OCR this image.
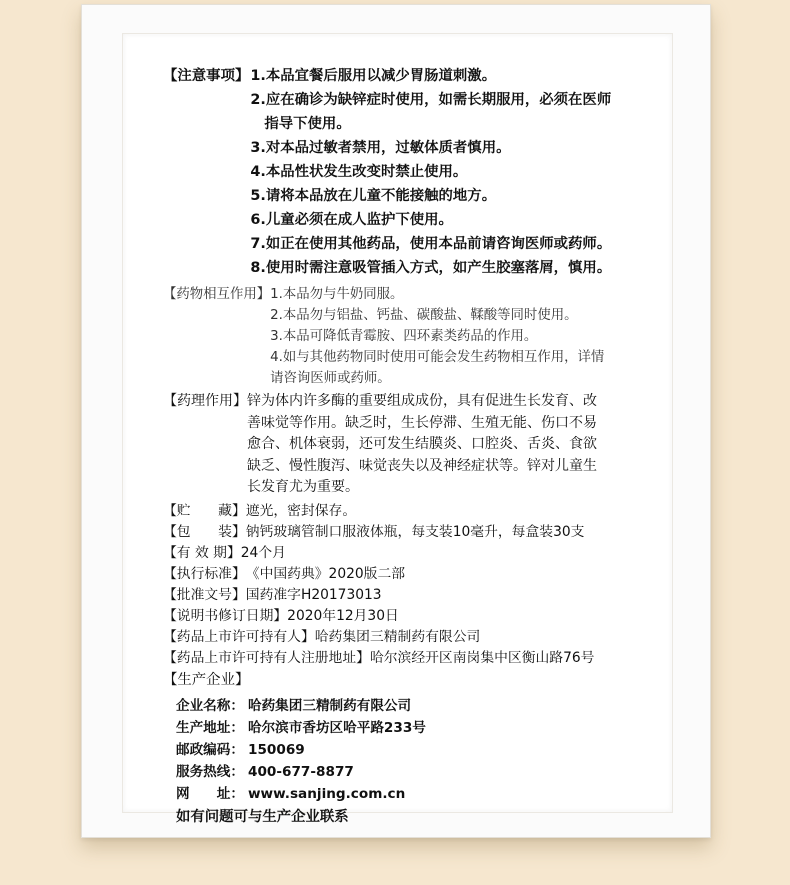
【注意事项】 1.本品宜餐后服用以减少胃肠道刺激。
2.应在确诊为缺锌症时使用，如需长期服用，必须在医师
指导下使用。
3.对本品过敏者禁用，过敏体质者慎用。
4.本品性状发生改变时禁止使用。
5.请将本品放在儿童不能接触的地方。
6.儿童必须在成人监护下使用。
7.如正在使用其他药品，使用本品前请咨询医师或药师。
8.使用时需注意吸管插入方式，如产生胶塞落屑，慎用。
【药物相互作用】 1.本品勿与牛奶同服。
2.本品勿与铝盐、钙盐、碳酸盐、鞣酸等同时使用。
3.本品可降低青霉胺、四环素类药品的作用。
4.如与其他药物同时使用可能会发生药物相互作用，详情
请咨询医师或药师。
【药理作用】 锌为体内许多酶的重要组成成份，具有促进生长发育、改
善味觉等作用。缺乏时，生长停滞、生殖无能、伤口不易
愈合、机体衰弱，还可发生结膜炎、口腔炎、舌炎、食欲
缺乏、慢性腹泻、味觉丧失以及神经症状等。锌对儿童生
长发育尤为重要。
【贮　　藏】 遮光，密封保存。
【包　　装】 钠钙玻璃管制口服液体瓶，每支装10毫升，每盒装30支
【有 效 期】 24个月
【执行标准】 《中国药典》2020版二部
【批准文号】 国药准字H20173013
【说明书修订日期】 2020年12月30日
【药品上市许可持有人】 哈药集团三精制药有限公司
【药品上市许可持有人注册地址】 哈尔滨经开区南岗集中区衡山路76号
【生产企业】
企业名称： 哈药集团三精制药有限公司
生产地址： 哈尔滨市香坊区哈平路233号
邮政编码： 150069
服务热线： 400-677-8877
网　　址： www.sanjing.com.cn
如有问题可与生产企业联系
